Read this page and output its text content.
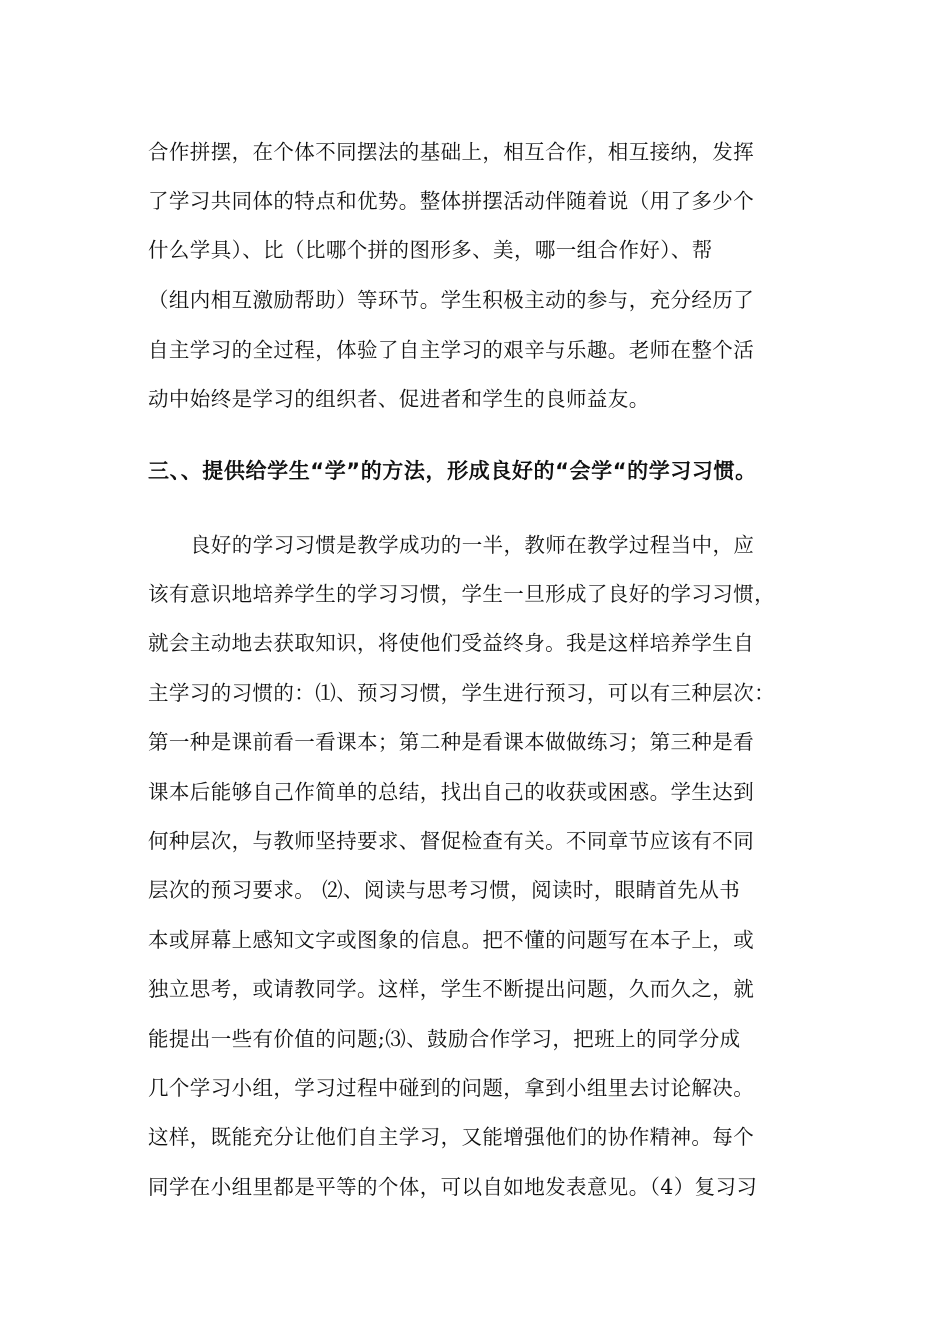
合作拼摆，在个体不同摆法的基础上，相互合作，相互接纳，发挥
了学习共同体的特点和优势。整体拼摆活动伴随着说（用了多少个
什么学具）、比（比哪个拼的图形多、美，哪一组合作好）、帮
（组内相互激励帮助）等环节。学生积极主动的参与，充分经历了
自主学习的全过程，体验了自主学习的艰辛与乐趣。老师在整个活
动中始终是学习的组织者、促进者和学生的良师益友。
三、、提供给学生“学”的方法，形成良好的“会学“的学习习惯。
良好的学习习惯是教学成功的一半，教师在教学过程当中，应
该有意识地培养学生的学习习惯，学生一旦形成了良好的学习习惯，
就会主动地去获取知识，将使他们受益终身。我是这样培养学生自
主学习的习惯的：⑴、预习习惯，学生进行预习，可以有三种层次：
第一种是课前看一看课本；第二种是看课本做做练习；第三种是看
课本后能够自己作简单的总结，找出自己的收获或困惑。学生达到
何种层次，与教师坚持要求、督促检查有关。不同章节应该有不同
层次的预习要求。 ⑵、阅读与思考习惯，阅读时，眼睛首先从书
本或屏幕上感知文字或图象的信息。把不懂的问题写在本子上，或
独立思考，或请教同学。这样，学生不断提出问题，久而久之，就
能提出一些有价值的问题;⑶、鼓励合作学习，把班上的同学分成
几个学习小组，学习过程中碰到的问题，拿到小组里去讨论解决。
这样，既能充分让他们自主学习，又能增强他们的协作精神。每个
同学在小组里都是平等的个体，可以自如地发表意见。（4）复习习
